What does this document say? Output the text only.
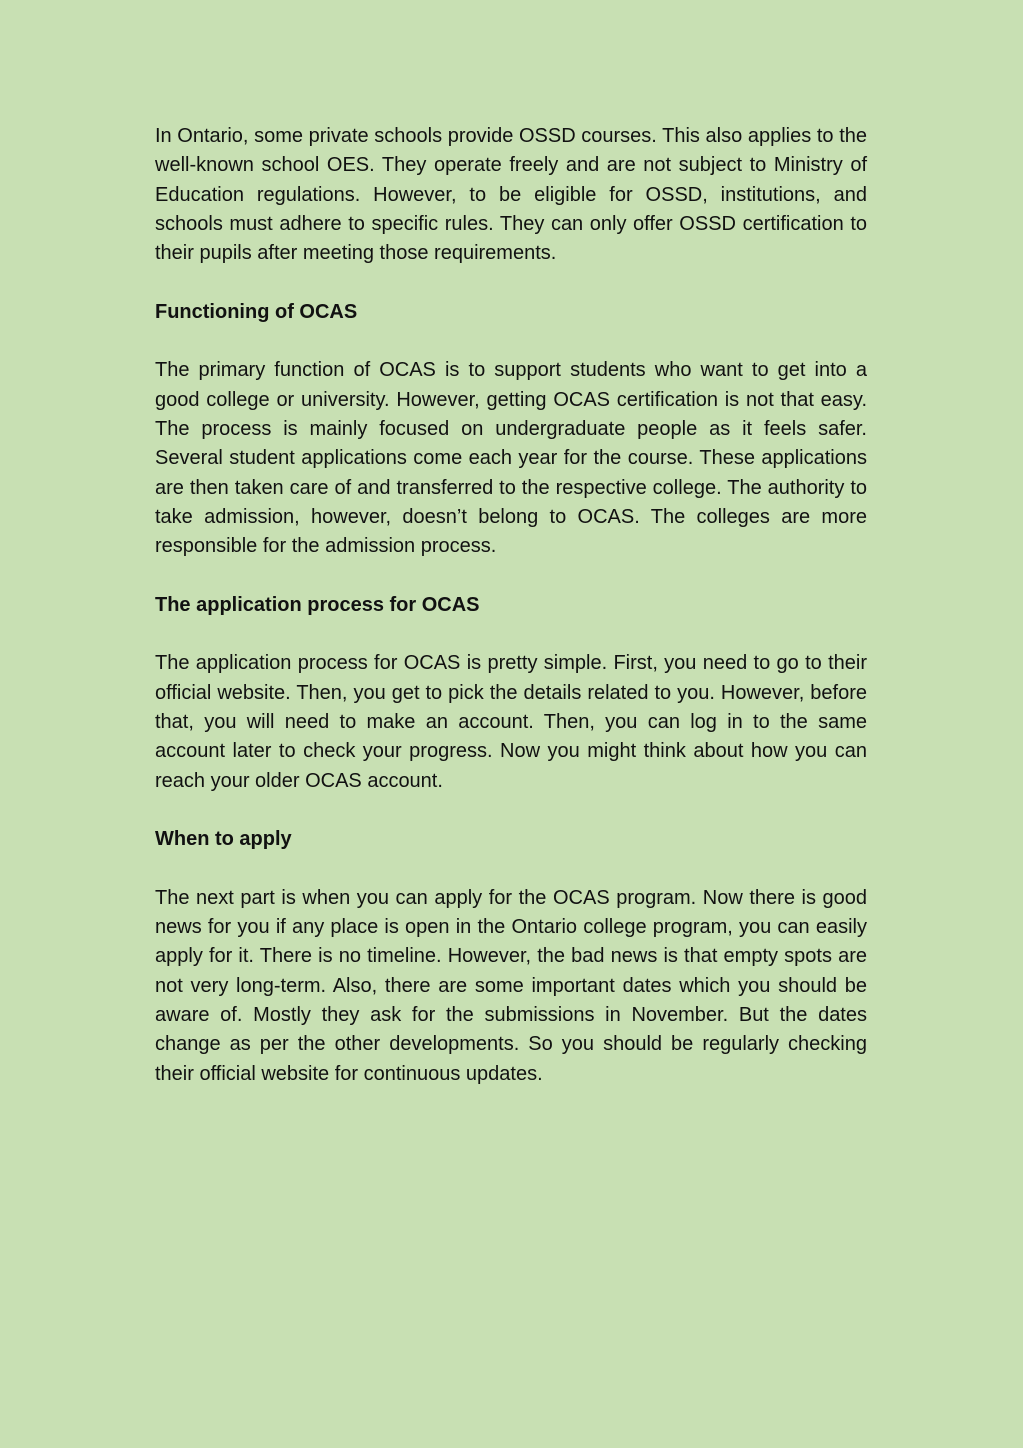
In Ontario, some private schools provide OSSD courses. This also applies to the well-known school OES. They operate freely and are not subject to Ministry of Education regulations. However, to be eligible for OSSD, institutions, and schools must adhere to specific rules. They can only offer OSSD certification to their pupils after meeting those requirements.

Functioning of OCAS

The primary function of OCAS is to support students who want to get into a good college or university. However, getting OCAS certification is not that easy. The process is mainly focused on undergraduate people as it feels safer. Several student applications come each year for the course. These applications are then taken care of and transferred to the respective college. The authority to take admission, however, doesn’t belong to OCAS. The colleges are more responsible for the admission process.

The application process for OCAS

The application process for OCAS is pretty simple. First, you need to go to their official website. Then, you get to pick the details related to you. However, before that, you will need to make an account. Then, you can log in to the same account later to check your progress. Now you might think about how you can reach your older OCAS account.

When to apply

The next part is when you can apply for the OCAS program. Now there is good news for you if any place is open in the Ontario college program, you can easily apply for it. There is no timeline. However, the bad news is that empty spots are not very long-term. Also, there are some important dates which you should be aware of. Mostly they ask for the submissions in November. But the dates change as per the other developments. So you should be regularly checking their official website for continuous updates.
